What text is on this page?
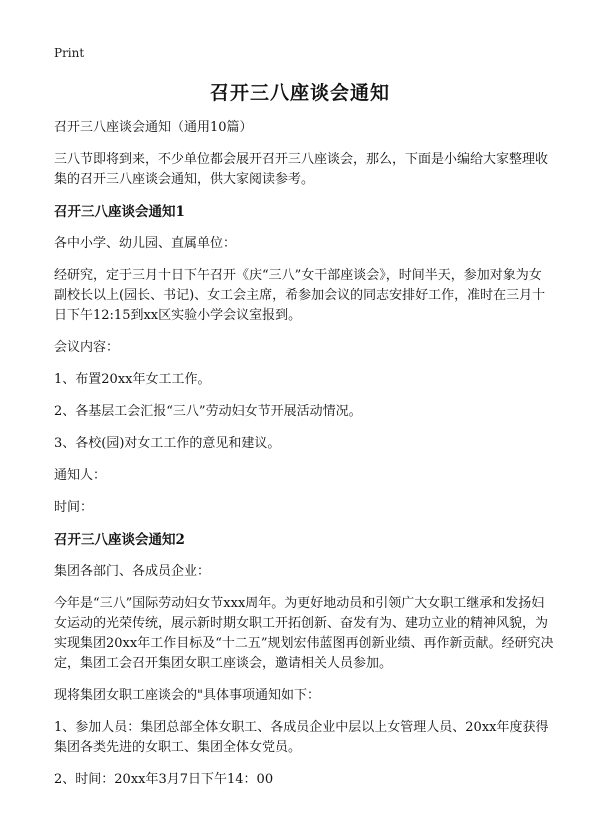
Print
召开三八座谈会通知

召开三八座谈会通知（通用10篇）

三八节即将到来，不少单位都会展开召开三八座谈会，那么，下面是小编给大家整理收集的召开三八座谈会通知，供大家阅读参考。

召开三八座谈会通知1

各中小学、幼儿园、直属单位：

经研究，定于三月十日下午召开《庆“三八”女干部座谈会》，时间半天，参加对象为女副校长以上(园长、书记)、女工会主席，希参加会议的同志安排好工作，准时在三月十日下午12:15到xx区实验小学会议室报到。

会议内容：

1、布置20xx年女工工作。

2、各基层工会汇报“三八”劳动妇女节开展活动情况。

3、各校(园)对女工工作的意见和建议。

通知人：

时间：

召开三八座谈会通知2

集团各部门、各成员企业：

今年是“三八”国际劳动妇女节xxx周年。为更好地动员和引领广大女职工继承和发扬妇女运动的光荣传统，展示新时期女职工开拓创新、奋发有为、建功立业的精神风貌，为实现集团20xx年工作目标及“十二五”规划宏伟蓝图再创新业绩、再作新贡献。经研究决定，集团工会召开集团女职工座谈会，邀请相关人员参加。

现将集团女职工座谈会的"具体事项通知如下：

1、参加人员：集团总部全体女职工、各成员企业中层以上女管理人员、20xx年度获得集团各类先进的女职工、集团全体女党员。

2、时间：20xx年3月7日下午14：00
